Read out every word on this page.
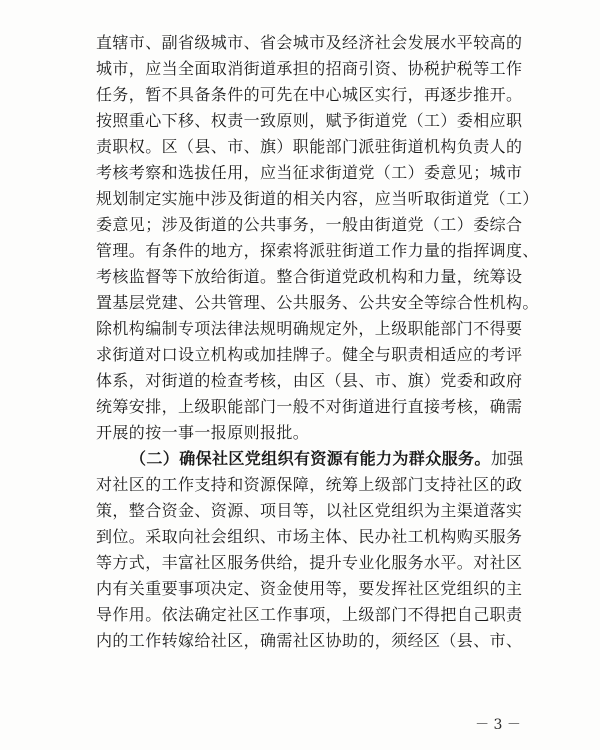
直辖市、副省级城市、省会城市及经济社会发展水平较高的
城市，应当全面取消街道承担的招商引资、协税护税等工作
任务，暂不具备条件的可先在中心城区实行，再逐步推开。
按照重心下移、权责一致原则，赋予街道党（工）委相应职
责职权。区（县、市、旗）职能部门派驻街道机构负责人的
考核考察和选拔任用，应当征求街道党（工）委意见；城市
规划制定实施中涉及街道的相关内容，应当听取街道党（工）
委意见；涉及街道的公共事务，一般由街道党（工）委综合
管理。有条件的地方，探索将派驻街道工作力量的指挥调度、
考核监督等下放给街道。整合街道党政机构和力量，统筹设
置基层党建、公共管理、公共服务、公共安全等综合性机构。
除机构编制专项法律法规明确规定外，上级职能部门不得要
求街道对口设立机构或加挂牌子。健全与职责相适应的考评
体系，对街道的检查考核，由区（县、市、旗）党委和政府
统筹安排，上级职能部门一般不对街道进行直接考核，确需
开展的按一事一报原则报批。
（二）确保社区党组织有资源有能力为群众服务。加强
对社区的工作支持和资源保障，统筹上级部门支持社区的政
策，整合资金、资源、项目等，以社区党组织为主渠道落实
到位。采取向社会组织、市场主体、民办社工机构购买服务
等方式，丰富社区服务供给，提升专业化服务水平。对社区
内有关重要事项决定、资金使用等，要发挥社区党组织的主
导作用。依法确定社区工作事项，上级部门不得把自己职责
内的工作转嫁给社区，确需社区协助的，须经区（县、市、
－ 3 －
